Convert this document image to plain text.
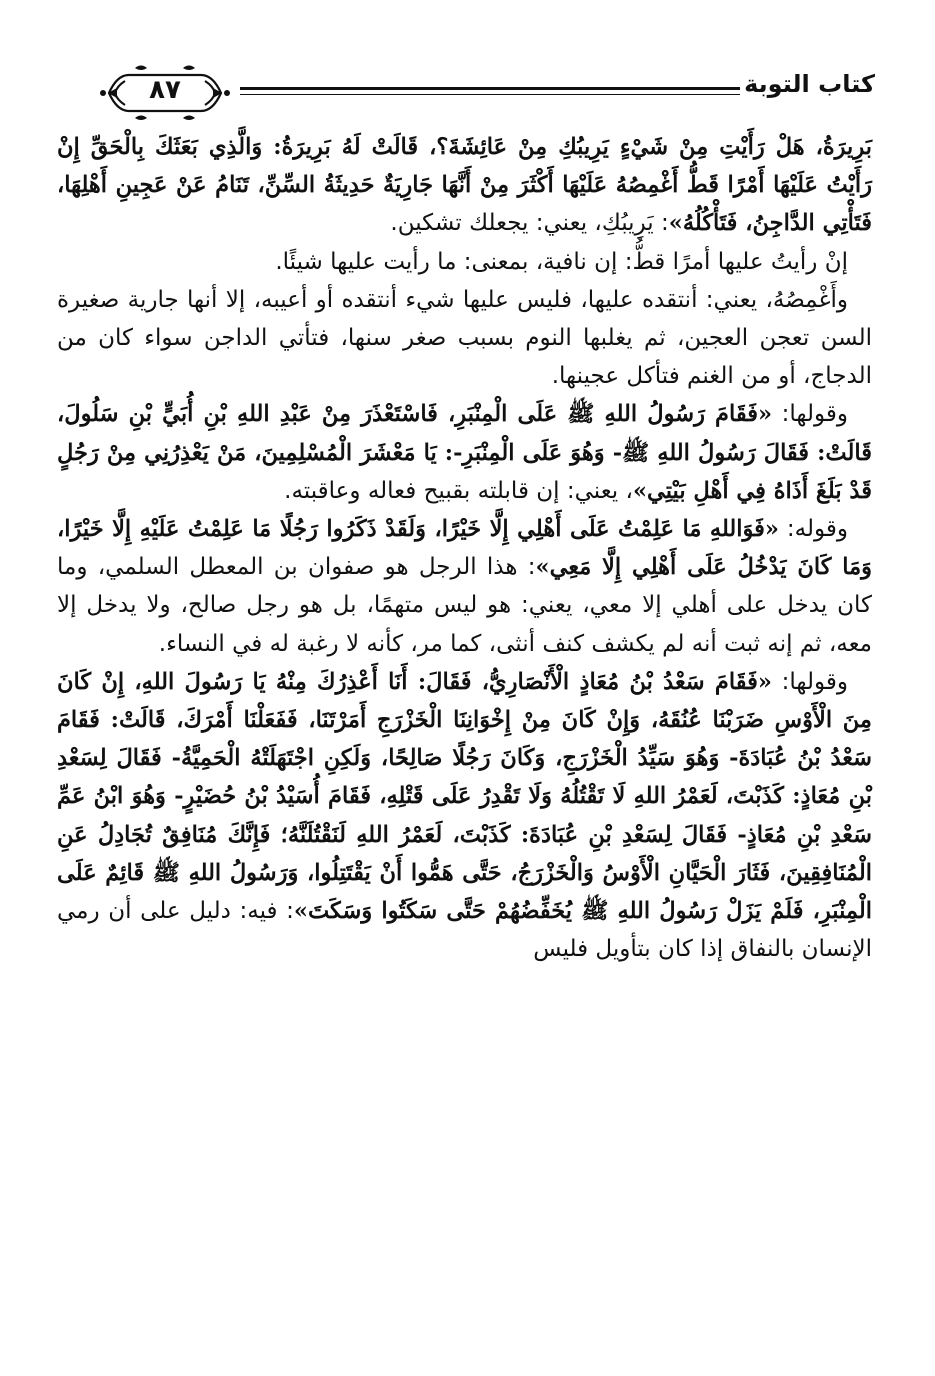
كتاب التوبة
٨٧

بَرِيرَةُ، هَلْ رَأَيْتِ مِنْ شَيْءٍ يَرِيبُكِ مِنْ عَائِشَةَ؟، قَالَتْ لَهُ بَرِيرَةُ: وَالَّذِي بَعَثَكَ بِالْحَقِّ إِنْ رَأَيْتُ عَلَيْهَا أَمْرًا قَطُّ أَغْمِصُهُ عَلَيْهَا أَكْثَرَ مِنْ أَنَّهَا جَارِيَةٌ حَدِيثَةُ السِّنِّ، تَنَامُ عَنْ عَجِينِ أَهْلِهَا، فَتَأْتِي الدَّاجِنُ، فَتَأْكُلُهُ»: يَرِيبُكِ، يعني: يجعلك تشكين.

إنْ رأيتُ عليها أمرًا قطُّ: إن نافية، بمعنى: ما رأيت عليها شيئًا.

وأَغْمِصُهُ، يعني: أنتقده عليها، فليس عليها شيء أنتقده أو أعيبه، إلا أنها جارية صغيرة السن تعجن العجين، ثم يغلبها النوم بسبب صغر سنها، فتأتي الداجن سواء كان من الدجاج، أو من الغنم فتأكل عجينها.

وقولها: «فَقَامَ رَسُولُ اللهِ ﷺ عَلَى الْمِنْبَرِ، فَاسْتَعْذَرَ مِنْ عَبْدِ اللهِ بْنِ أُبَيٍّ بْنِ سَلُولَ، قَالَتْ: فَقَالَ رَسُولُ اللهِ ﷺ- وَهُوَ عَلَى الْمِنْبَرِ-: يَا مَعْشَرَ الْمُسْلِمِينَ، مَنْ يَعْذِرُنِي مِنْ رَجُلٍ قَدْ بَلَغَ أَذَاهُ فِي أَهْلِ بَيْتِي»، يعني: إن قابلته بقبيح فعاله وعاقبته.

وقوله: «فَوَاللهِ مَا عَلِمْتُ عَلَى أَهْلِي إِلَّا خَيْرًا، وَلَقَدْ ذَكَرُوا رَجُلًا مَا عَلِمْتُ عَلَيْهِ إِلَّا خَيْرًا، وَمَا كَانَ يَدْخُلُ عَلَى أَهْلِي إِلَّا مَعِي»: هذا الرجل هو صفوان بن المعطل السلمي، وما كان يدخل على أهلي إلا معي، يعني: هو ليس متهمًا، بل هو رجل صالح، ولا يدخل إلا معه، ثم إنه ثبت أنه لم يكشف كنف أنثى، كما مر، كأنه لا رغبة له في النساء.

وقولها: «فَقَامَ سَعْدُ بْنُ مُعَاذٍ الْأَنْصَارِيُّ، فَقَالَ: أَنَا أَعْذِرُكَ مِنْهُ يَا رَسُولَ اللهِ، إِنْ كَانَ مِنَ الْأَوْسِ ضَرَبْنَا عُنُقَهُ، وَإِنْ كَانَ مِنْ إِخْوَانِنَا الْخَزْرَجِ أَمَرْتَنَا، فَفَعَلْنَا أَمْرَكَ، قَالَتْ: فَقَامَ سَعْدُ بْنُ عُبَادَةَ- وَهُوَ سَيِّدُ الْخَزْرَجِ، وَكَانَ رَجُلًا صَالِحًا، وَلَكِنِ اجْتَهَلَتْهُ الْحَمِيَّةُ- فَقَالَ لِسَعْدِ بْنِ مُعَاذٍ: كَذَبْتَ، لَعَمْرُ اللهِ لَا تَقْتُلُهُ وَلَا تَقْدِرُ عَلَى قَتْلِهِ، فَقَامَ أُسَيْدُ بْنُ حُضَيْرٍ- وَهُوَ ابْنُ عَمِّ سَعْدِ بْنِ مُعَاذٍ- فَقَالَ لِسَعْدِ بْنِ عُبَادَةَ: كَذَبْتَ، لَعَمْرُ اللهِ لَنَقْتُلَنَّهُ؛ فَإِنَّكَ مُنَافِقٌ تُجَادِلُ عَنِ الْمُنَافِقِينَ، فَثَارَ الْحَيَّانِ الْأَوْسُ وَالْخَزْرَجُ، حَتَّى هَمُّوا أَنْ يَقْتَتِلُوا، وَرَسُولُ اللهِ ﷺ قَائِمٌ عَلَى الْمِنْبَرِ، فَلَمْ يَزَلْ رَسُولُ اللهِ ﷺ يُخَفِّضُهُمْ حَتَّى سَكَتُوا وَسَكَتَ»: فيه: دليل على أن رمي الإنسان بالنفاق إذا كان بتأويل فليس
